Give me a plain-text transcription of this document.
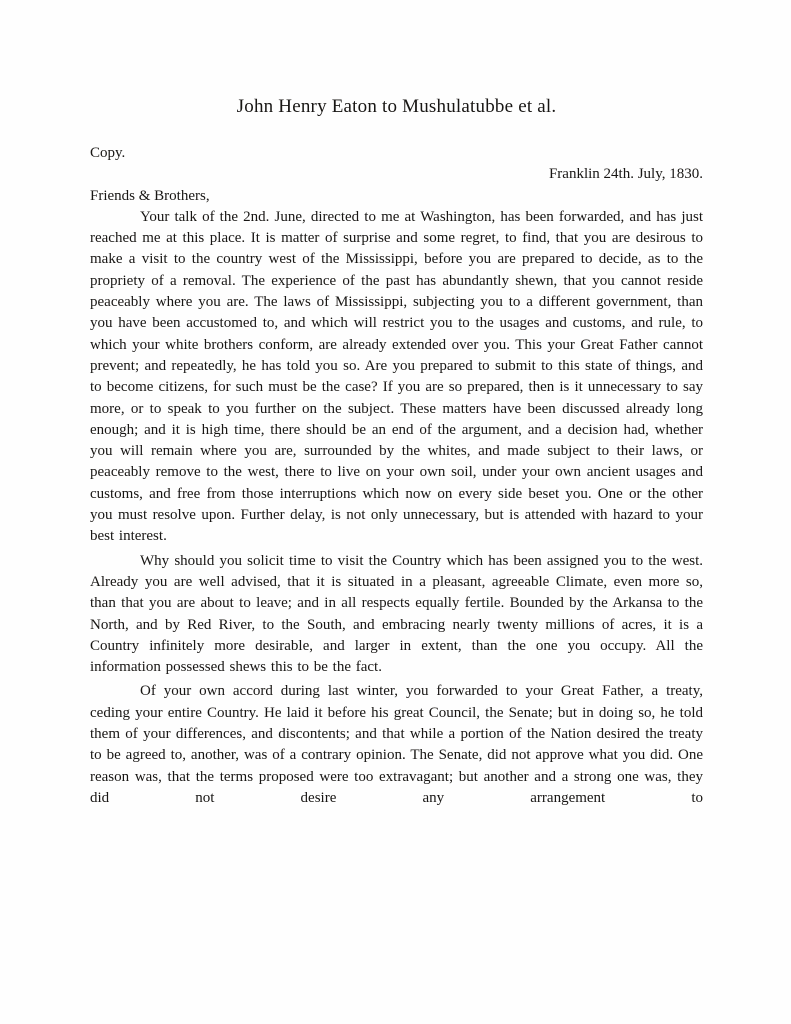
John Henry Eaton to Mushulatubbe et al.
Copy.
Franklin 24th. July, 1830.
Friends & Brothers,

Your talk of the 2nd. June, directed to me at Washington, has been forwarded, and has just reached me at this place. It is matter of surprise and some regret, to find, that you are desirous to make a visit to the country west of the Mississippi, before you are prepared to decide, as to the propriety of a removal. The experience of the past has abundantly shewn, that you cannot reside peaceably where you are. The laws of Mississippi, subjecting you to a different government, than you have been accustomed to, and which will restrict you to the usages and customs, and rule, to which your white brothers conform, are already extended over you. This your Great Father cannot prevent; and repeatedly, he has told you so. Are you prepared to submit to this state of things, and to become citizens, for such must be the case? If you are so prepared, then is it unnecessary to say more, or to speak to you further on the subject. These matters have been discussed already long enough; and it is high time, there should be an end of the argument, and a decision had, whether you will remain where you are, surrounded by the whites, and made subject to their laws, or peaceably remove to the west, there to live on your own soil, under your own ancient usages and customs, and free from those interruptions which now on every side beset you. One or the other you must resolve upon. Further delay, is not only unnecessary, but is attended with hazard to your best interest.

Why should you solicit time to visit the Country which has been assigned you to the west. Already you are well advised, that it is situated in a pleasant, agreeable Climate, even more so, than that you are about to leave; and in all respects equally fertile. Bounded by the Arkansa to the North, and by Red River, to the South, and embracing nearly twenty millions of acres, it is a Country infinitely more desirable, and larger in extent, than the one you occupy. All the information possessed shews this to be the fact.

Of your own accord during last winter, you forwarded to your Great Father, a treaty, ceding your entire Country. He laid it before his great Council, the Senate; but in doing so, he told them of your differences, and discontents; and that while a portion of the Nation desired the treaty to be agreed to, another, was of a contrary opinion. The Senate, did not approve what you did. One reason was, that the terms proposed were too extravagant; but another and a strong one was, they did not desire any arrangement to
